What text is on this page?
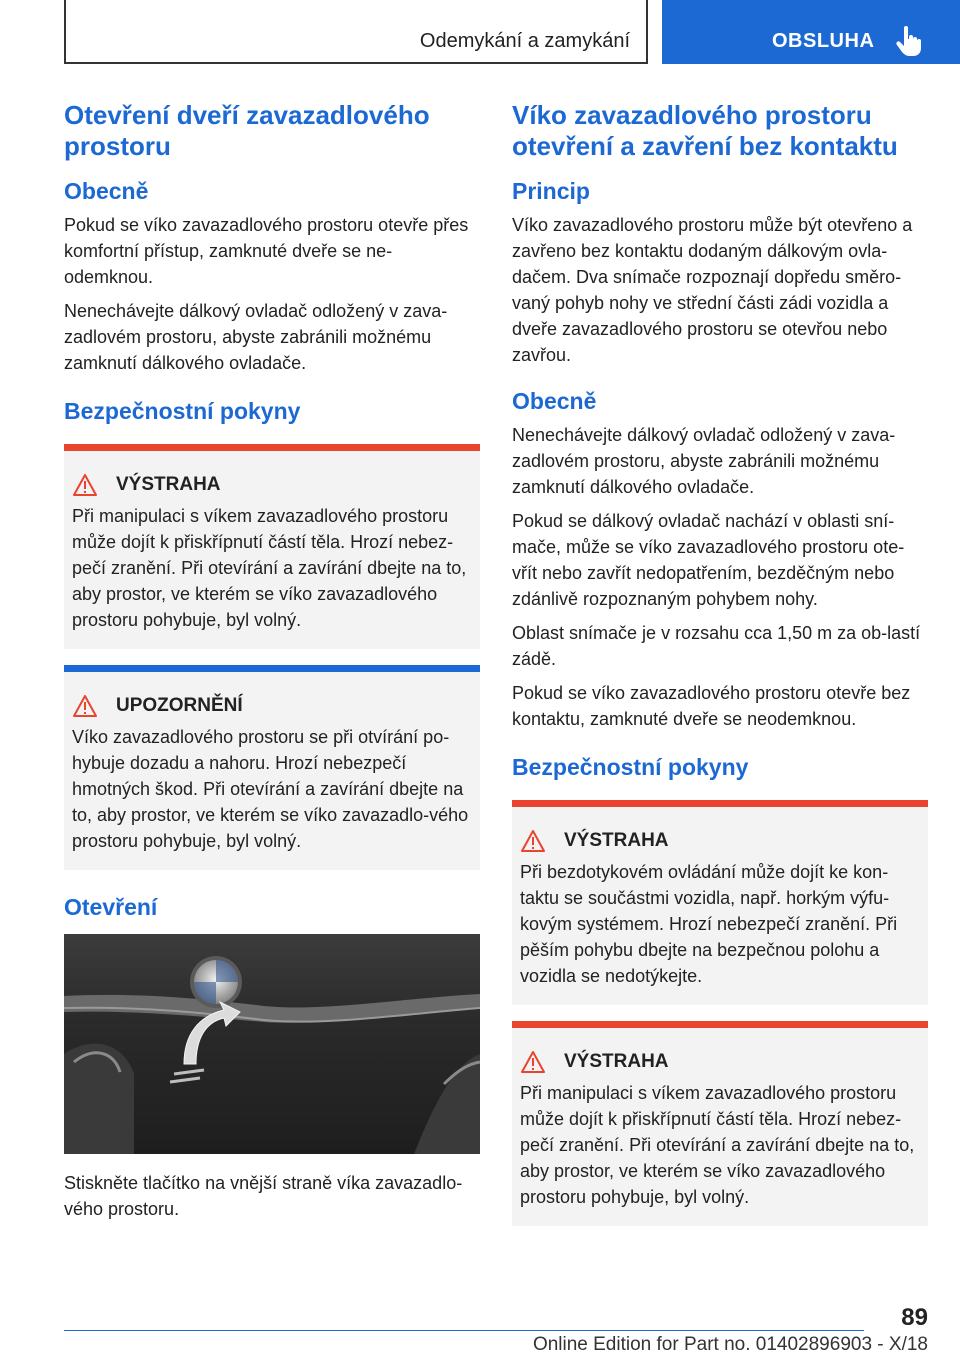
Odemykání a zamykání	OBSLUHA
Otevření dveří zavazadlového prostoru
Obecně

Pokud se víko zavazadlového prostoru otevře přes komfortní přístup, zamknuté dveře se ne-odemknou.

Nenechávejte dálkový ovladač odložený v zava-zadlovém prostoru, abyste zabránili možnému zamknutí dálkového ovladače.

Bezpečnostní pokyny
VÝSTRAHA

Při manipulaci s víkem zavazadlového prostoru může dojít k přiskřípnutí částí těla. Hrozí nebez-pečí zranění. Při otevírání a zavírání dbejte na to, aby prostor, ve kterém se víko zavazadlového prostoru pohybuje, byl volný.

UPOZORNĚNÍ

Víko zavazadlového prostoru se při otvírání po-hybuje dozadu a nahoru. Hrozí nebezpečí hmotných škod. Při otevírání a zavírání dbejte na to, aby prostor, ve kterém se víko zavazadlo-vého prostoru pohybuje, byl volný.

Otevření

Stiskněte tlačítko na vnější straně víka zavazadlo-vého prostoru.

Víko zavazadlového prostoru otevření a zavření bez kontaktu
Princip

Víko zavazadlového prostoru může být otevřeno a zavřeno bez kontaktu dodaným dálkovým ovla-dačem. Dva snímače rozpoznají dopředu směro-vaný pohyb nohy ve střední části zádi vozidla a dveře zavazadlového prostoru se otevřou nebo zavřou.

Obecně

Nenechávejte dálkový ovladač odložený v zava-zadlovém prostoru, abyste zabránili možnému zamknutí dálkového ovladače.

Pokud se dálkový ovladač nachází v oblasti sní-mače, může se víko zavazadlového prostoru ote-vřít nebo zavřít nedopatřením, bezděčným nebo zdánlivě rozpoznaným pohybem nohy.

Oblast snímače je v rozsahu cca 1,50 m za ob-lastí zádě.

Pokud se víko zavazadlového prostoru otevře bez kontaktu, zamknuté dveře se neodemknou.

Bezpečnostní pokyny
VÝSTRAHA

Při bezdotykovém ovládání může dojít ke kon-taktu se součástmi vozidla, např. horkým výfu-kovým systémem. Hrozí nebezpečí zranění. Při pěším pohybu dbejte na bezpečnou polohu a vozidla se nedotýkejte.

VÝSTRAHA

Při manipulaci s víkem zavazadlového prostoru může dojít k přiskřípnutí částí těla. Hrozí nebez-pečí zranění. Při otevírání a zavírání dbejte na to, aby prostor, ve kterém se víko zavazadlového prostoru pohybuje, byl volný.

89
Online Edition for Part no. 01402896903 - X/18
